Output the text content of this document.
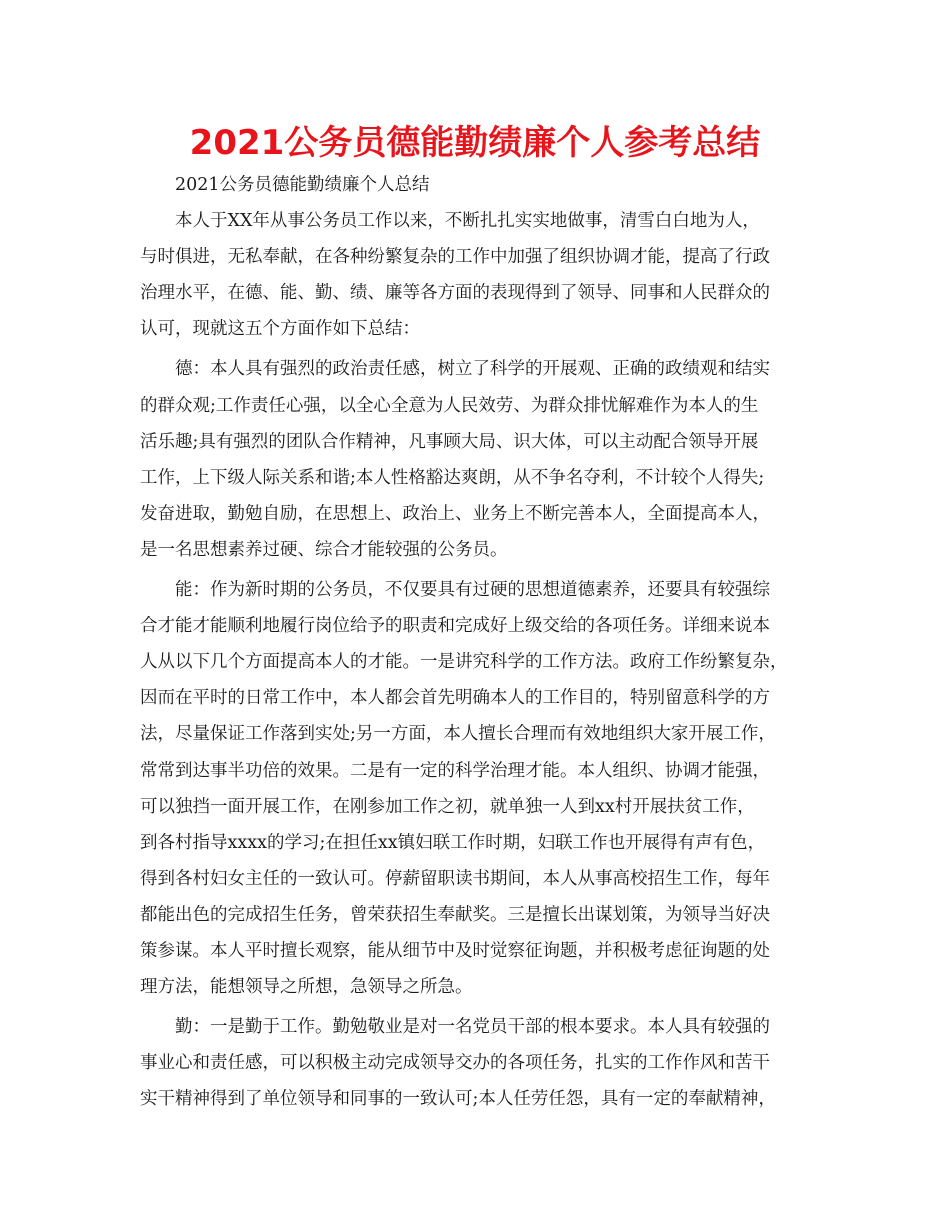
2021公务员德能勤绩廉个人参考总结
2021公务员德能勤绩廉个人总结
本人于XX年从事公务员工作以来，不断扎扎实实地做事，清雪白白地为人，
与时俱进，无私奉献，在各种纷繁复杂的工作中加强了组织协调才能，提高了行政
治理水平，在德、能、勤、绩、廉等各方面的表现得到了领导、同事和人民群众的
认可，现就这五个方面作如下总结：
德：本人具有强烈的政治责任感，树立了科学的开展观、正确的政绩观和结实
的群众观;工作责任心强，以全心全意为人民效劳、为群众排忧解难作为本人的生
活乐趣;具有强烈的团队合作精神，凡事顾大局、识大体，可以主动配合领导开展
工作，上下级人际关系和谐;本人性格豁达爽朗，从不争名夺利，不计较个人得失;
发奋进取，勤勉自励，在思想上、政治上、业务上不断完善本人，全面提高本人，
是一名思想素养过硬、综合才能较强的公务员。
能：作为新时期的公务员，不仅要具有过硬的思想道德素养，还要具有较强综
合才能才能顺利地履行岗位给予的职责和完成好上级交给的各项任务。详细来说本
人从以下几个方面提高本人的才能。一是讲究科学的工作方法。政府工作纷繁复杂，
因而在平时的日常工作中，本人都会首先明确本人的工作目的，特别留意科学的方
法，尽量保证工作落到实处;另一方面，本人擅长合理而有效地组织大家开展工作，
常常到达事半功倍的效果。二是有一定的科学治理才能。本人组织、协调才能强，
可以独挡一面开展工作，在刚参加工作之初，就单独一人到xx村开展扶贫工作，
到各村指导xxxx的学习;在担任xx镇妇联工作时期，妇联工作也开展得有声有色，
得到各村妇女主任的一致认可。停薪留职读书期间，本人从事高校招生工作，每年
都能出色的完成招生任务，曾荣获招生奉献奖。三是擅长出谋划策，为领导当好决
策参谋。本人平时擅长观察，能从细节中及时觉察征询题，并积极考虑征询题的处
理方法，能想领导之所想，急领导之所急。
勤：一是勤于工作。勤勉敬业是对一名党员干部的根本要求。本人具有较强的
事业心和责任感，可以积极主动完成领导交办的各项任务，扎实的工作作风和苦干
实干精神得到了单位领导和同事的一致认可;本人任劳任怨，具有一定的奉献精神，
